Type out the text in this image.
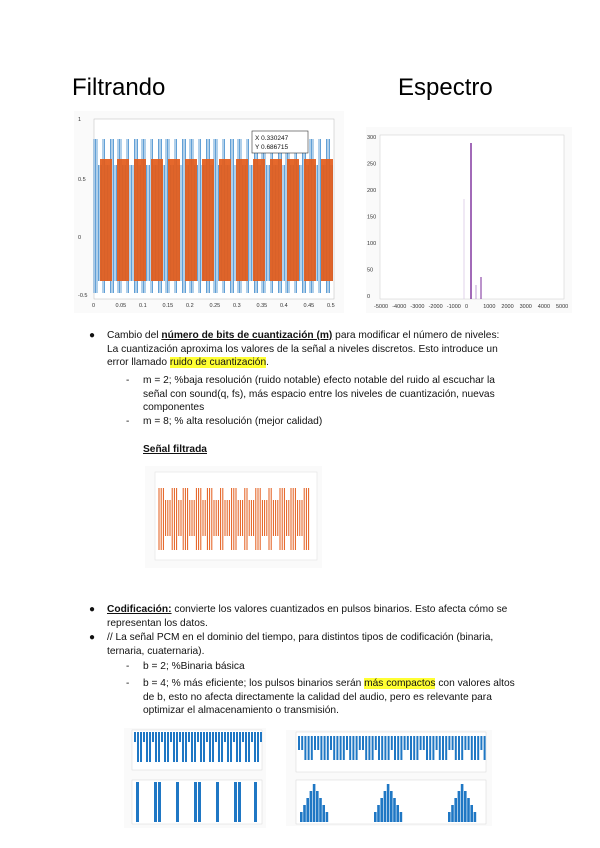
Filtrando	Espectro
X 0.330247
Y 0.686715
1
0.5
0
-0.5
0	0.05 0.1	0.15 0.2	0.25 0.3	0.35 0.4	0.45 0.5
300
250
200
150
100
50
0
-5000 -4000 -3000 -2000 -1000 0	1000 2000 3000 4000 5000
● Cambio del número de bits de cuantización (m) para modificar el número de niveles: La cuantización aproxima los valores de la señal a niveles discretos. Esto introduce un error llamado ruido de cuantización.
- m = 2; %baja resolución (ruido notable) efecto notable del ruido al escuchar la señal con sound(q, fs), más espacio entre los niveles de cuantización, nuevas componentes
- m = 8; % alta resolución (mejor calidad)
Señal filtrada
● Codificación: convierte los valores cuantizados en pulsos binarios. Esto afecta cómo se representan los datos.
● // La señal PCM en el dominio del tiempo, para distintos tipos de codificación (binaria, ternaria, cuaternaria).
- b = 2; %Binaria básica
- b = 4; % más eficiente; los pulsos binarios serán más compactos con valores altos de b, esto no afecta directamente la calidad del audio, pero es relevante para optimizar el almacenamiento o transmisión.
